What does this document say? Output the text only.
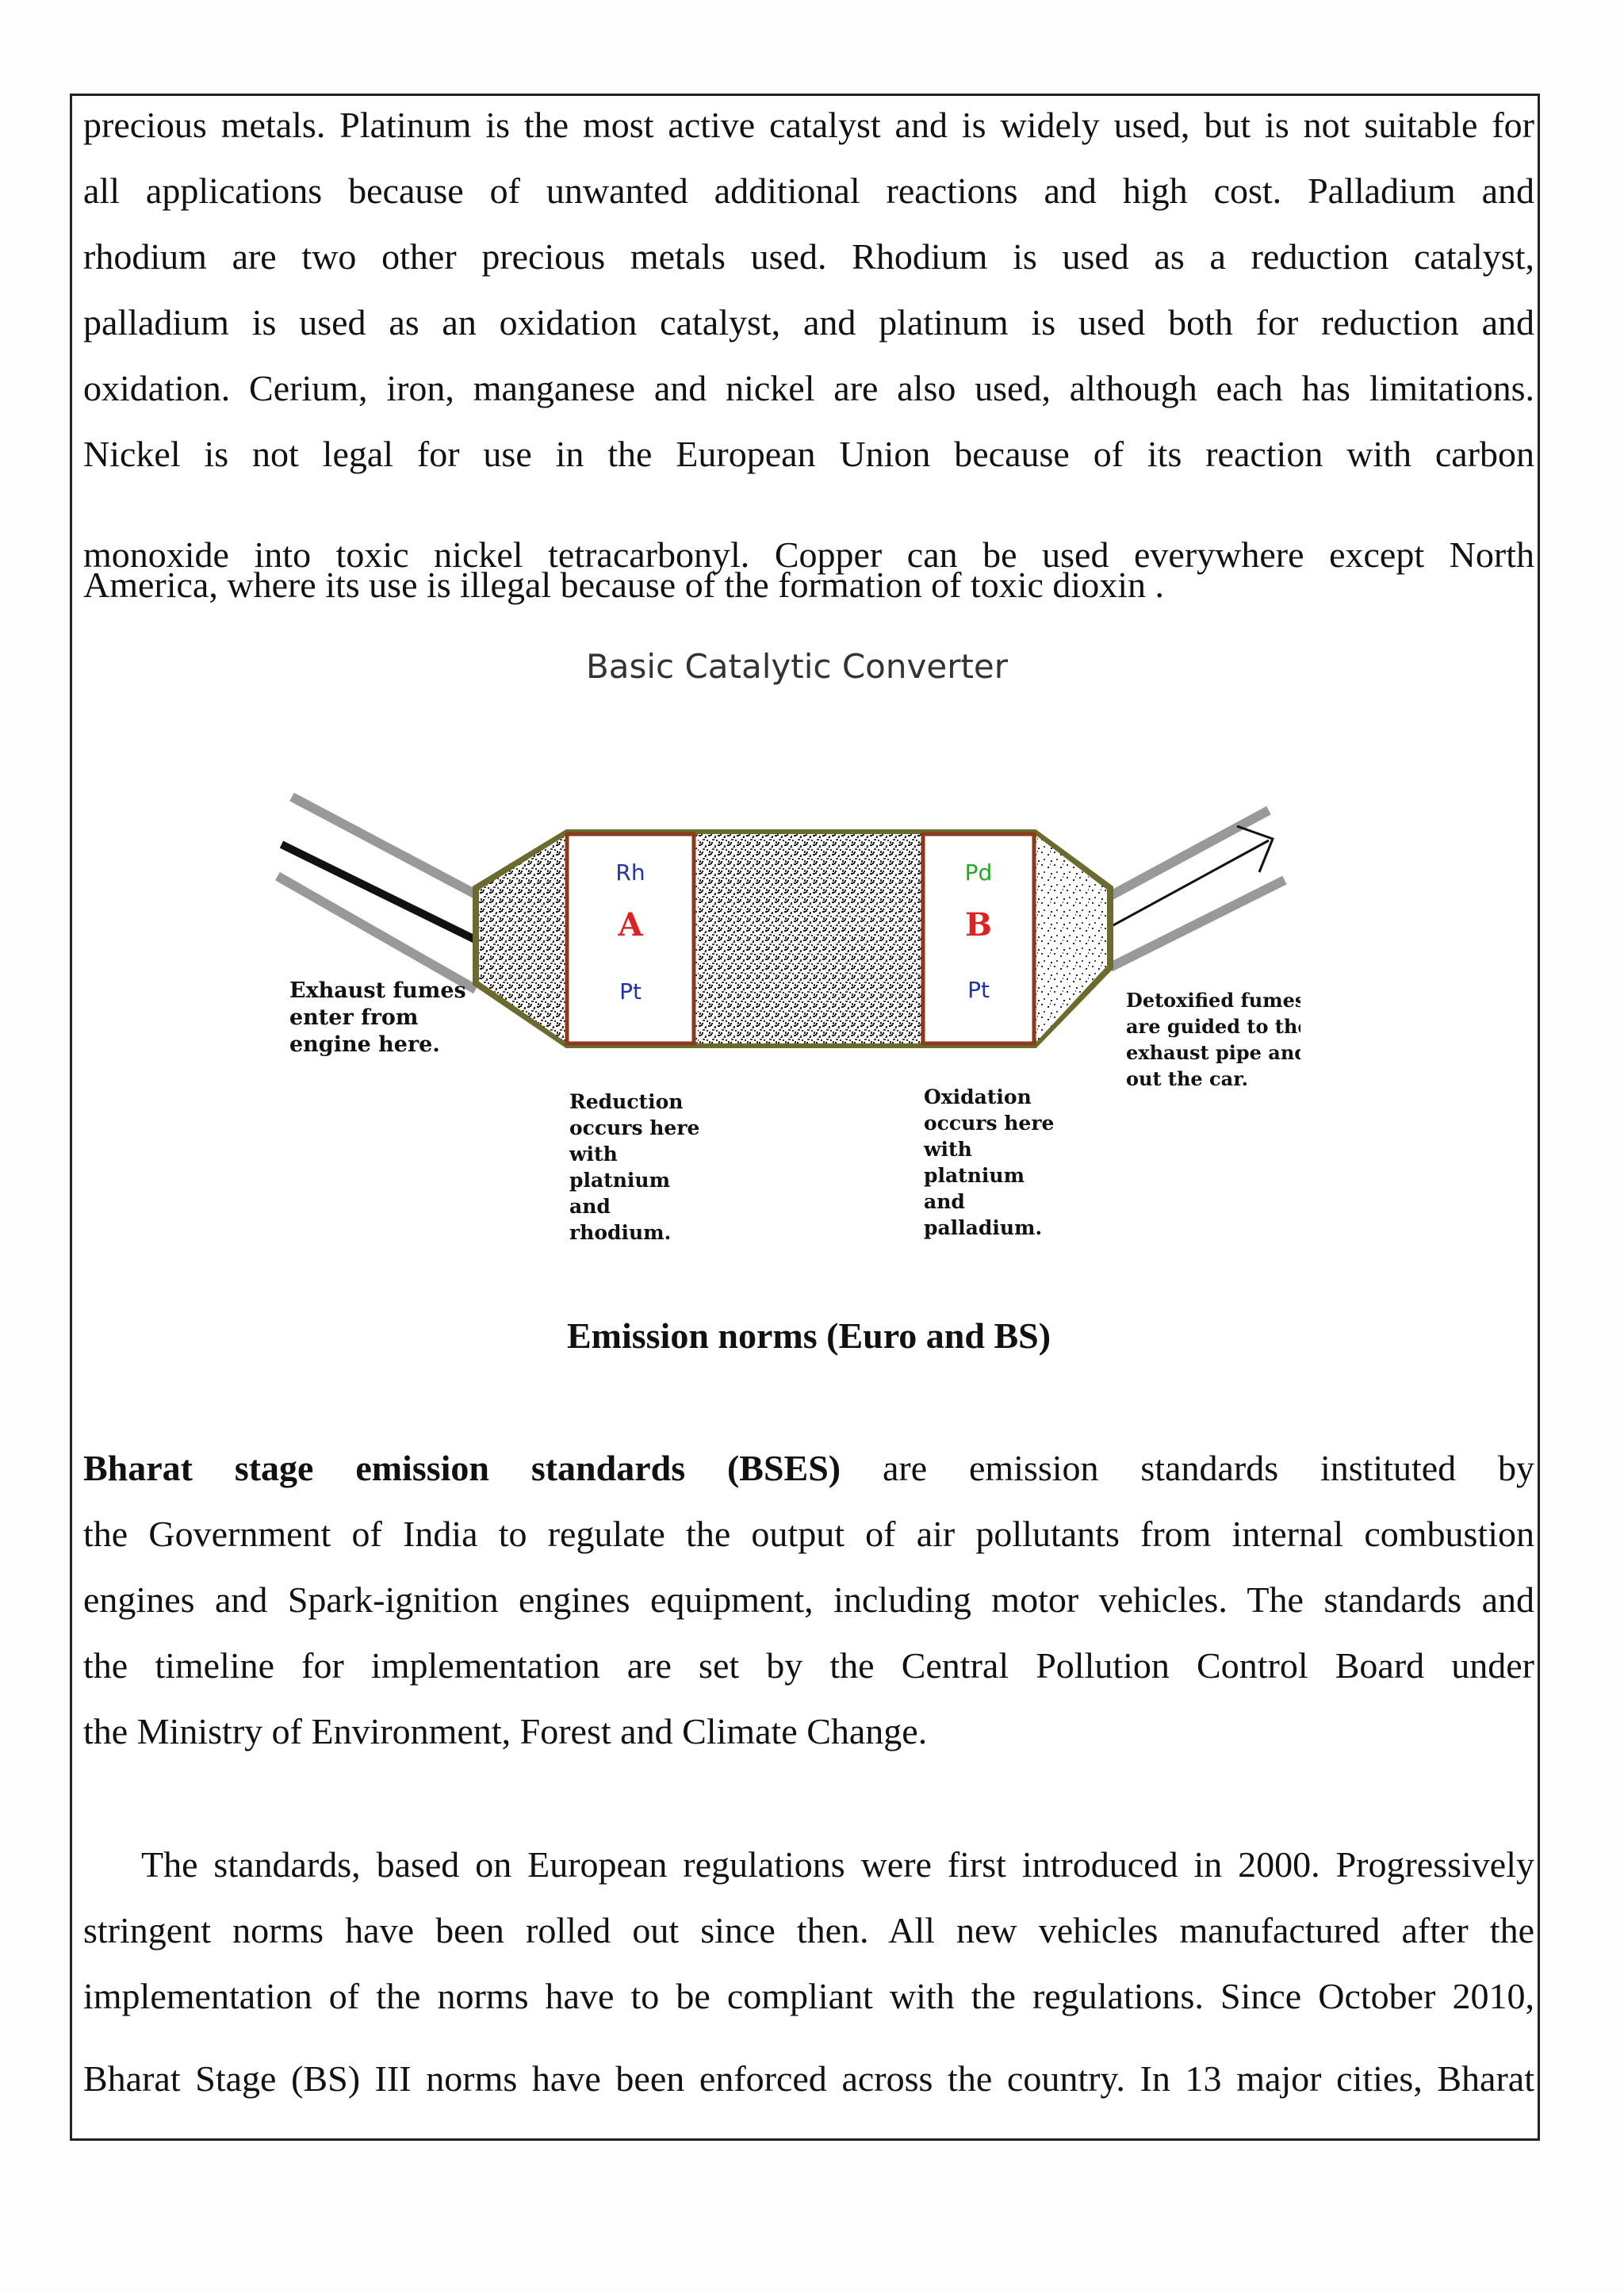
precious metals. Platinum is the most active catalyst and is widely used, but is not suitable for
all applications because of unwanted additional reactions and high cost. Palladium and
rhodium are two other precious metals used. Rhodium is used as a reduction catalyst,
palladium is used as an oxidation catalyst, and platinum is used both for reduction and
oxidation. Cerium, iron, manganese and nickel are also used, although each has limitations.
Nickel is not legal for use in the European Union because of its reaction with carbon
monoxide into toxic nickel tetracarbonyl. Copper can be used everywhere except North
America, where its use is illegal because of the formation of toxic dioxin .
Basic Catalytic Converter
Rh
A
Pt
Pd
B
Pt
Exhaust fumes
enter from
engine here.
Detoxified fumes
are guided to the
exhaust pipe and
out the car.
Reduction
occurs here
with
platnium
and
rhodium.
Oxidation
occurs here
with
platnium
and
palladium.
Emission norms (Euro and BS)
Bharat stage emission standards (BSES) are emission standards instituted by
the Government of India to regulate the output of air pollutants from internal combustion
engines and Spark-ignition engines equipment, including motor vehicles. The standards and
the timeline for implementation are set by the Central Pollution Control Board under
the Ministry of Environment, Forest and Climate Change.
The standards, based on European regulations were first introduced in 2000. Progressively
stringent norms have been rolled out since then. All new vehicles manufactured after the
implementation of the norms have to be compliant with the regulations. Since October 2010,
Bharat Stage (BS) III norms have been enforced across the country. In 13 major cities, Bharat
